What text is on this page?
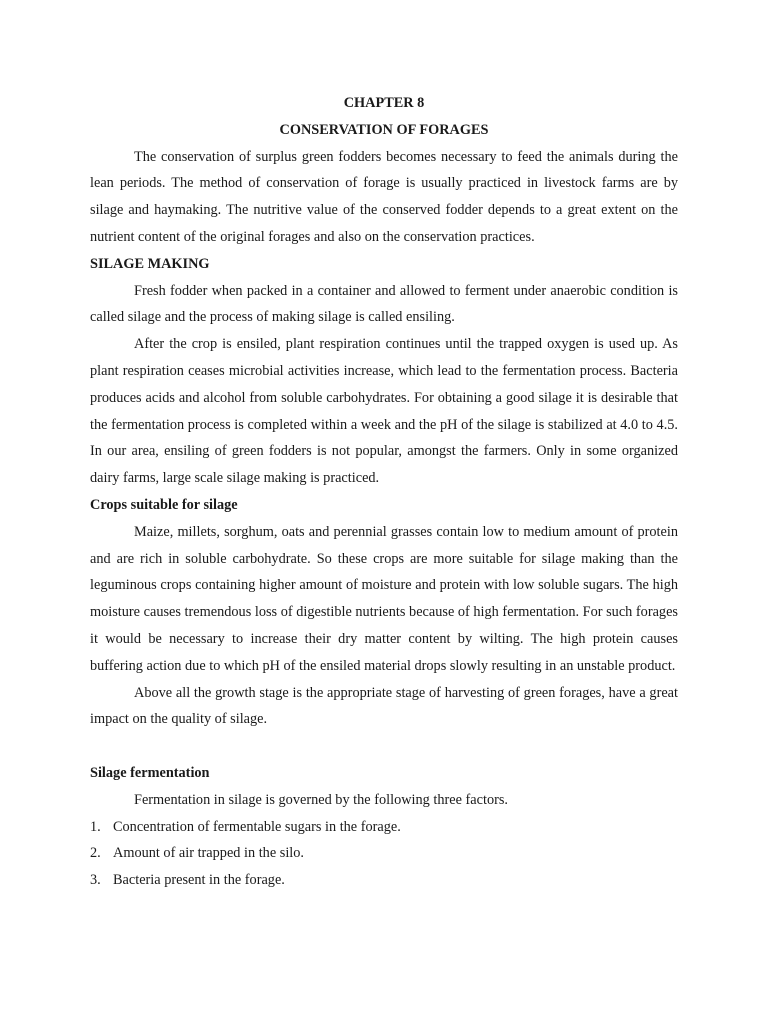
CHAPTER 8

CONSERVATION OF FORAGES

The conservation of surplus green fodders becomes necessary to feed the animals during the lean periods. The method of conservation of forage is usually practiced in livestock farms are by silage and haymaking. The nutritive value of the conserved fodder depends to a great extent on the nutrient content of the original forages and also on the conservation practices.

SILAGE MAKING

Fresh fodder when packed in a container and allowed to ferment under anaerobic condition is called silage and the process of making silage is called ensiling.

After the crop is ensiled, plant respiration continues until the trapped oxygen is used up. As plant respiration ceases microbial activities increase, which lead to the fermentation process. Bacteria produces acids and alcohol from soluble carbohydrates. For obtaining a good silage it is desirable that the fermentation process is completed within a week and the pH of the silage is stabilized at 4.0 to 4.5. In our area, ensiling of green fodders is not popular, amongst the farmers. Only in some organized dairy farms, large scale silage making is practiced.

Crops suitable for silage

Maize, millets, sorghum, oats and perennial grasses contain low to medium amount of protein and are rich in soluble carbohydrate. So these crops are more suitable for silage making than the leguminous crops containing higher amount of moisture and protein with low soluble sugars. The high moisture causes tremendous loss of digestible nutrients because of high fermentation. For such forages it would be necessary to increase their dry matter content by wilting. The high protein causes buffering action due to which pH of the ensiled material drops slowly resulting in an unstable product.

Above all the growth stage is the appropriate stage of harvesting of green forages, have a great impact on the quality of silage.

Silage fermentation

Fermentation in silage is governed by the following three factors.

1. Concentration of fermentable sugars in the forage.
2. Amount of air trapped in the silo.
3. Bacteria present in the forage.
